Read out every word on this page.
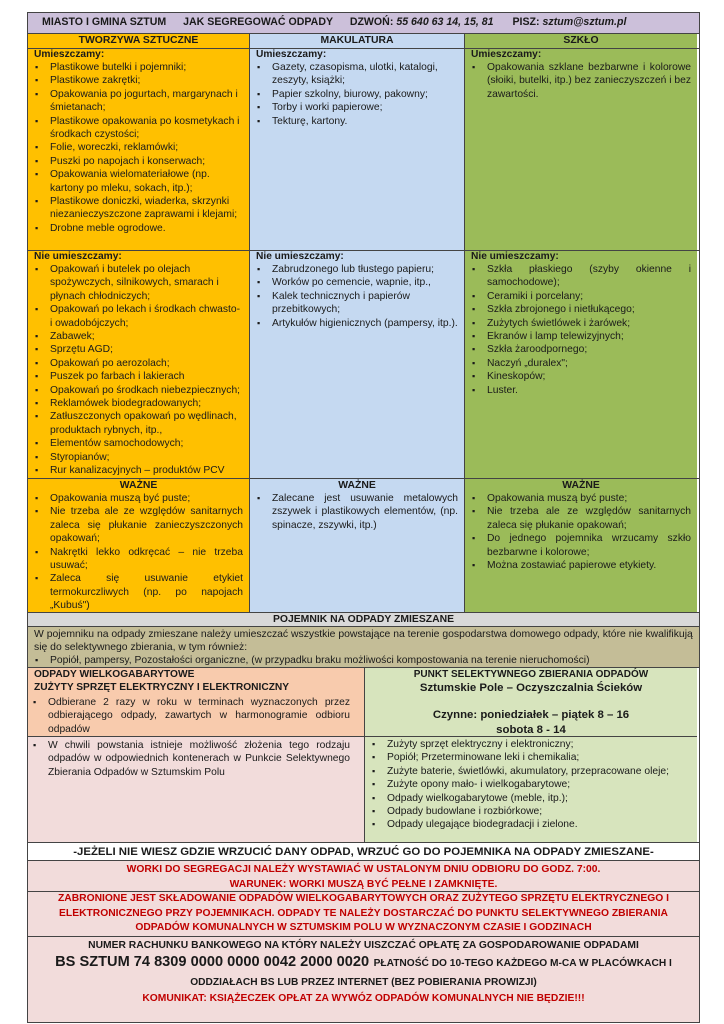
MIASTO I GMINA SZTUM JAK SEGREGOWAĆ ODPADY DZWOŃ: 55 640 63 14, 15, 81 PISZ: sztum@sztum.pl
TWORZYWA SZTUCZNE	MAKULATURA	SZKŁO
Umieszczamy:
▪ Plastikowe butelki i pojemniki;
▪ Plastikowe zakrętki;
▪ Opakowania po jogurtach, margarynach i śmietanach;
▪ Plastikowe opakowania po kosmetykach i środkach czystości;
▪ Folie, woreczki, reklamówki;
▪ Puszki po napojach i konserwach;
▪ Opakowania wielomateriałowe (np. kartony po mleku, sokach, itp.);
▪ Plastikowe doniczki, wiaderka, skrzynki niezanieczyszczone zaprawami i klejami;
▪ Drobne meble ogrodowe.
Umieszczamy:
▪ Gazety, czasopisma, ulotki, katalogi, zeszyty, książki;
▪ Papier szkolny, biurowy, pakowny;
▪ Torby i worki papierowe;
▪ Tekturę, kartony.
Umieszczamy:
▪ Opakowania szklane bezbarwne i kolorowe (słoiki, butelki, itp.) bez zanieczyszczeń i bez zawartości.
Nie umieszczamy:
▪ Opakowań i butelek po olejach spożywczych, silnikowych, smarach i płynach chłodniczych;
▪ Opakowań po lekach i środkach chwasto- i owadobójczych;
▪ Zabawek;
▪ Sprzętu AGD;
▪ Opakowań po aerozolach;
▪ Puszek po farbach i lakierach
▪ Opakowań po środkach niebezpiecznych;
▪ Reklamówek biodegradowanych;
▪ Zatłuszczonych opakowań po wędlinach, produktach rybnych, itp.,
▪ Elementów samochodowych;
▪ Styropianów;
▪ Rur kanalizacyjnych – produktów PCV
Nie umieszczamy:
▪ Zabrudzonego lub tłustego papieru;
▪ Worków po cemencie, wapnie, itp.,
▪ Kalek technicznych i papierów przebitkowych;
▪ Artykułów higienicznych (pampersy, itp.).
Nie umieszczamy:
▪ Szkła płaskiego (szyby okienne i samochodowe);
▪ Ceramiki i porcelany;
▪ Szkła zbrojonego i nietłukącego;
▪ Zużytych świetlówek i żarówek;
▪ Ekranów i lamp telewizyjnych;
▪ Szkła żaroodpornego;
▪ Naczyń „duralex";
▪ Kineskopów;
▪ Luster.
WAŻNE
▪ Opakowania muszą być puste;
▪ Nie trzeba ale ze względów sanitarnych zaleca się płukanie zanieczyszczonych opakowań;
▪ Nakrętki lekko odkręcać – nie trzeba usuwać;
▪ Zaleca się usuwanie etykiet termokurczliwych (np. po napojach „Kubuś")
WAŻNE
▪ Zalecane jest usuwanie metalowych zszywek i plastikowych elementów, (np. spinacze, zszywki, itp.)
WAŻNE
▪ Opakowania muszą być puste;
▪ Nie trzeba ale ze względów sanitarnych zaleca się płukanie opakowań;
▪ Do jednego pojemnika wrzucamy szkło bezbarwne i kolorowe;
▪ Można zostawiać papierowe etykiety.
POJEMNIK NA ODPADY ZMIESZANE
W pojemniku na odpady zmieszane należy umieszczać wszystkie powstające na terenie gospodarstwa domowego odpady, które nie kwalifikują się do selektywnego zbierania, w tym również:
▪ Popiół, pampersy, Pozostałości organiczne, (w przypadku braku możliwości kompostowania na terenie nieruchomości)
ODPADY WIELKOGABARYTOWE
ZUŻYTY SPRZĘT ELEKTRYCZNY I ELEKTRONICZNY
▪ Odbierane 2 razy w roku w terminach wyznaczonych przez odbierającego odpady, zawartych w harmonogramie odbioru odpadów
▪ W chwili powstania istnieje możliwość złożenia tego rodzaju odpadów w odpowiednich kontenerach w Punkcie Selektywnego Zbierania Odpadów w Sztumskim Polu
PUNKT SELEKTYWNEGO ZBIERANIA ODPADÓW
Sztumskie Pole – Oczyszczalnia Ścieków
Czynne: poniedziałek – piątek 8 – 16
sobota 8 - 14
▪ Zużyty sprzęt elektryczny i elektroniczny;
▪ Popiół; Przeterminowane leki i chemikalia;
▪ Zużyte baterie, świetlówki, akumulatory, przepracowane oleje;
▪ Zużyte opony mało- i wielkogabarytowe;
▪ Odpady wielkogabarytowe (meble, itp.);
▪ Odpady budowlane i rozbiórkowe;
▪ Odpady ulegające biodegradacji i zielone.
-JEŻELI NIE WIESZ GDZIE WRZUCIĆ DANY ODPAD, WRZUĆ GO DO POJEMNIKA NA ODPADY ZMIESZANE-
WORKI DO SEGREGACJI NALEŻY WYSTAWIAĆ W USTALONYM DNIU ODBIORU DO GODZ. 7:00.
WARUNEK: WORKI MUSZĄ BYĆ PEŁNE I ZAMKNIĘTE.
ZABRONIONE JEST SKŁADOWANIE ODPADÓW WIELKOGABARYTOWYCH ORAZ ZUŻYTEGO SPRZĘTU ELEKTRYCZNEGO I ELEKTRONICZNEGO PRZY POJEMNIKACH. ODPADY TE NALEŻY DOSTARCZAĆ DO PUNKTU SELEKTYWNEGO ZBIERANIA ODPADÓW KOMUNALNYCH W SZTUMSKIM POLU W WYZNACZONYM CZASIE I GODZINACH
NUMER RACHUNKU BANKOWEGO NA KTÓRY NALEŻY UISZCZAĆ OPŁATĘ ZA GOSPODAROWANIE ODPADAMI
BS SZTUM 74 8309 0000 0000 0042 2000 0020 PŁATNOŚĆ DO 10-TEGO KAŻDEGO M-CA W PLACÓWKACH I ODDZIAŁACH BS LUB PRZEZ INTERNET (BEZ POBIERANIA PROWIZJI)
KOMUNIKAT: KSIĄŻECZEK OPŁAT ZA WYWÓZ ODPADÓW KOMUNALNYCH NIE BĘDZIE!!!
